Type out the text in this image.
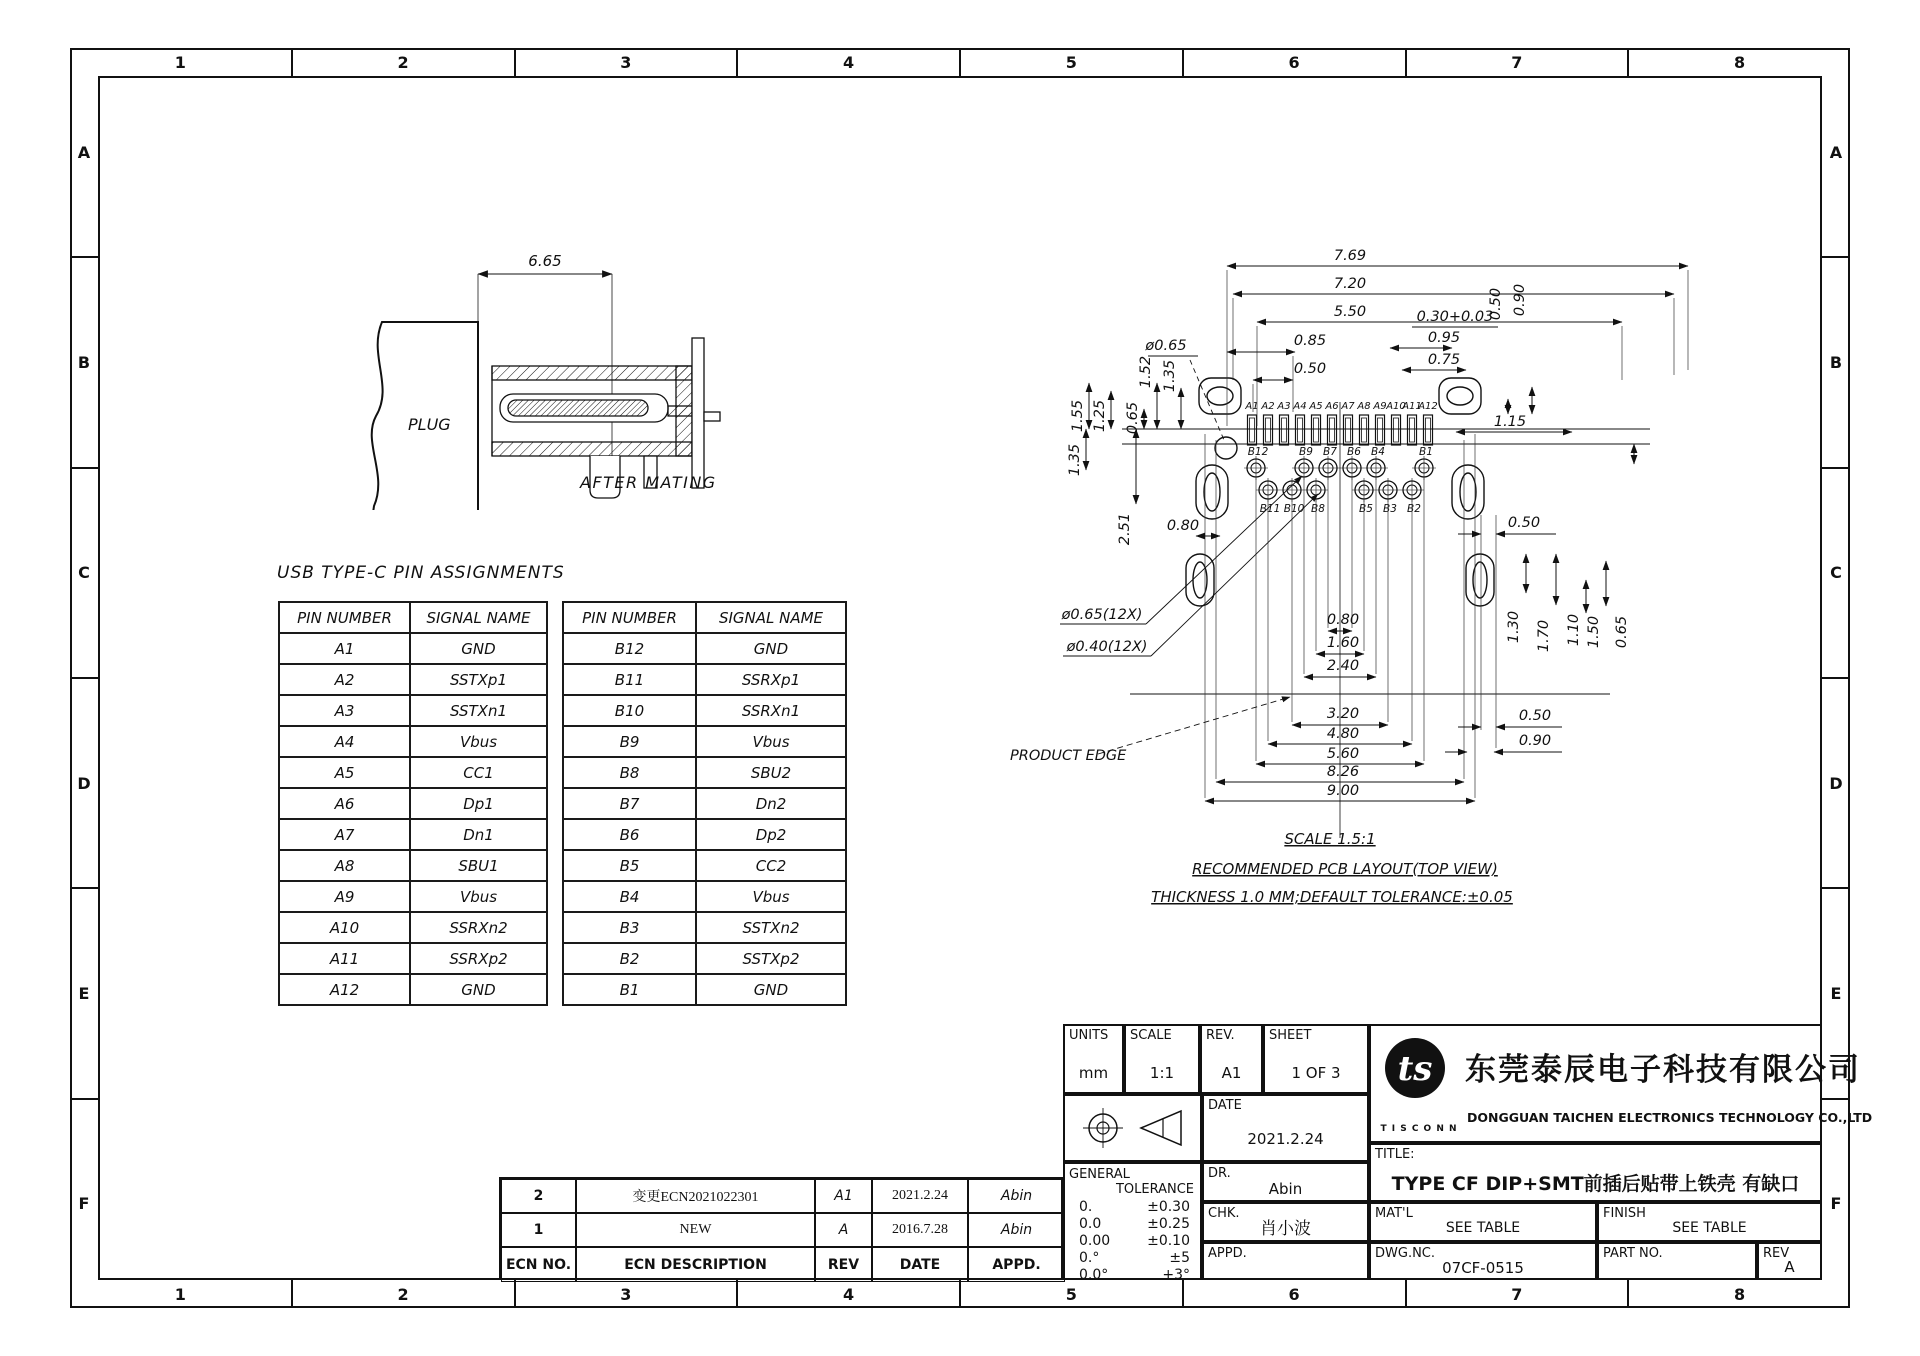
1	2	3	4	5	6	7	8
1	2	3	4	5	6	7	8
A
B
C
D
E
F
A
B
C
D
E
F
6.65
PLUG
AFTER MATING
USB TYPE-C PIN ASSIGNMENTS
PIN NUMBER	SIGNAL NAME
A1	GND
A2	SSTXp1
A3	SSTXn1
A4	Vbus
A5	CC1
A6	Dp1
A7	Dn1
A8	SBU1
A9	Vbus
A10	SSRXn2
A11	SSRXp2
A12	GND
PIN NUMBER	SIGNAL NAME
B12	GND
B11	SSRXp1
B10	SSRXn1
B9	Vbus
B8	SBU2
B7	Dn2
B6	Dp2
B5	CC2
B4	Vbus
B3	SSTXn2
B2	SSTXp2
B1	GND
A1 A2 A3 A4 A5 A6 A7 A8 A9 A10
A11
A12
B12	B9 B7 B6 B4	B1
B11 B10 B8	B5 B3 B2
7.69
7.20
5.50
0.85
0.50
0.30+0.03
0.95
0.75
0.50 0.90
1.15
ø0.65
1.52 1.35
0.65
1.25
1.55
1.35
2.51 0.80
0.80
1.60
2.40
3.20
4.80
5.60
8.26
9.00
ø0.65(12X)
ø0.40(12X)
0.50
1.30 1.70 1.10 1.50 0.65
0.50
0.90
PRODUCT EDGE
SCALE 1.5:1
RECOMMENDED PCB LAYOUT(TOP VIEW)
THICKNESS 1.0 MM;DEFAULT TOLERANCE:±0.05
2	变更ECN2021022301	A1	2021.2.24	Abin
1	NEW	A	2016.7.28	Abin
ECN NO.	ECN DESCRIPTION	REV	DATE	APPD.
UNITS
mm
SCALE
1:1
REV.
A1
SHEET
1 OF 3
DATE
2021.2.24
GENERAL
TOLERANCE
0.	±0.30
0.0	±0.25
0.00	±0.10
0.°	±5
0.0°	+3°
DR.
Abin
CHK.
肖小波
APPD.
ts
T I S C O N N
东莞泰辰电子科技有限公司
DONGGUAN TAICHEN ELECTRONICS TECHNOLOGY CO.,LTD
TITLE:
TYPE CF DIP+SMT前插后贴带上铁壳 有缺口
MAT'L
SEE TABLE
FINISH
SEE TABLE
DWG.NC.
07CF-0515
PART NO.	REV
A
